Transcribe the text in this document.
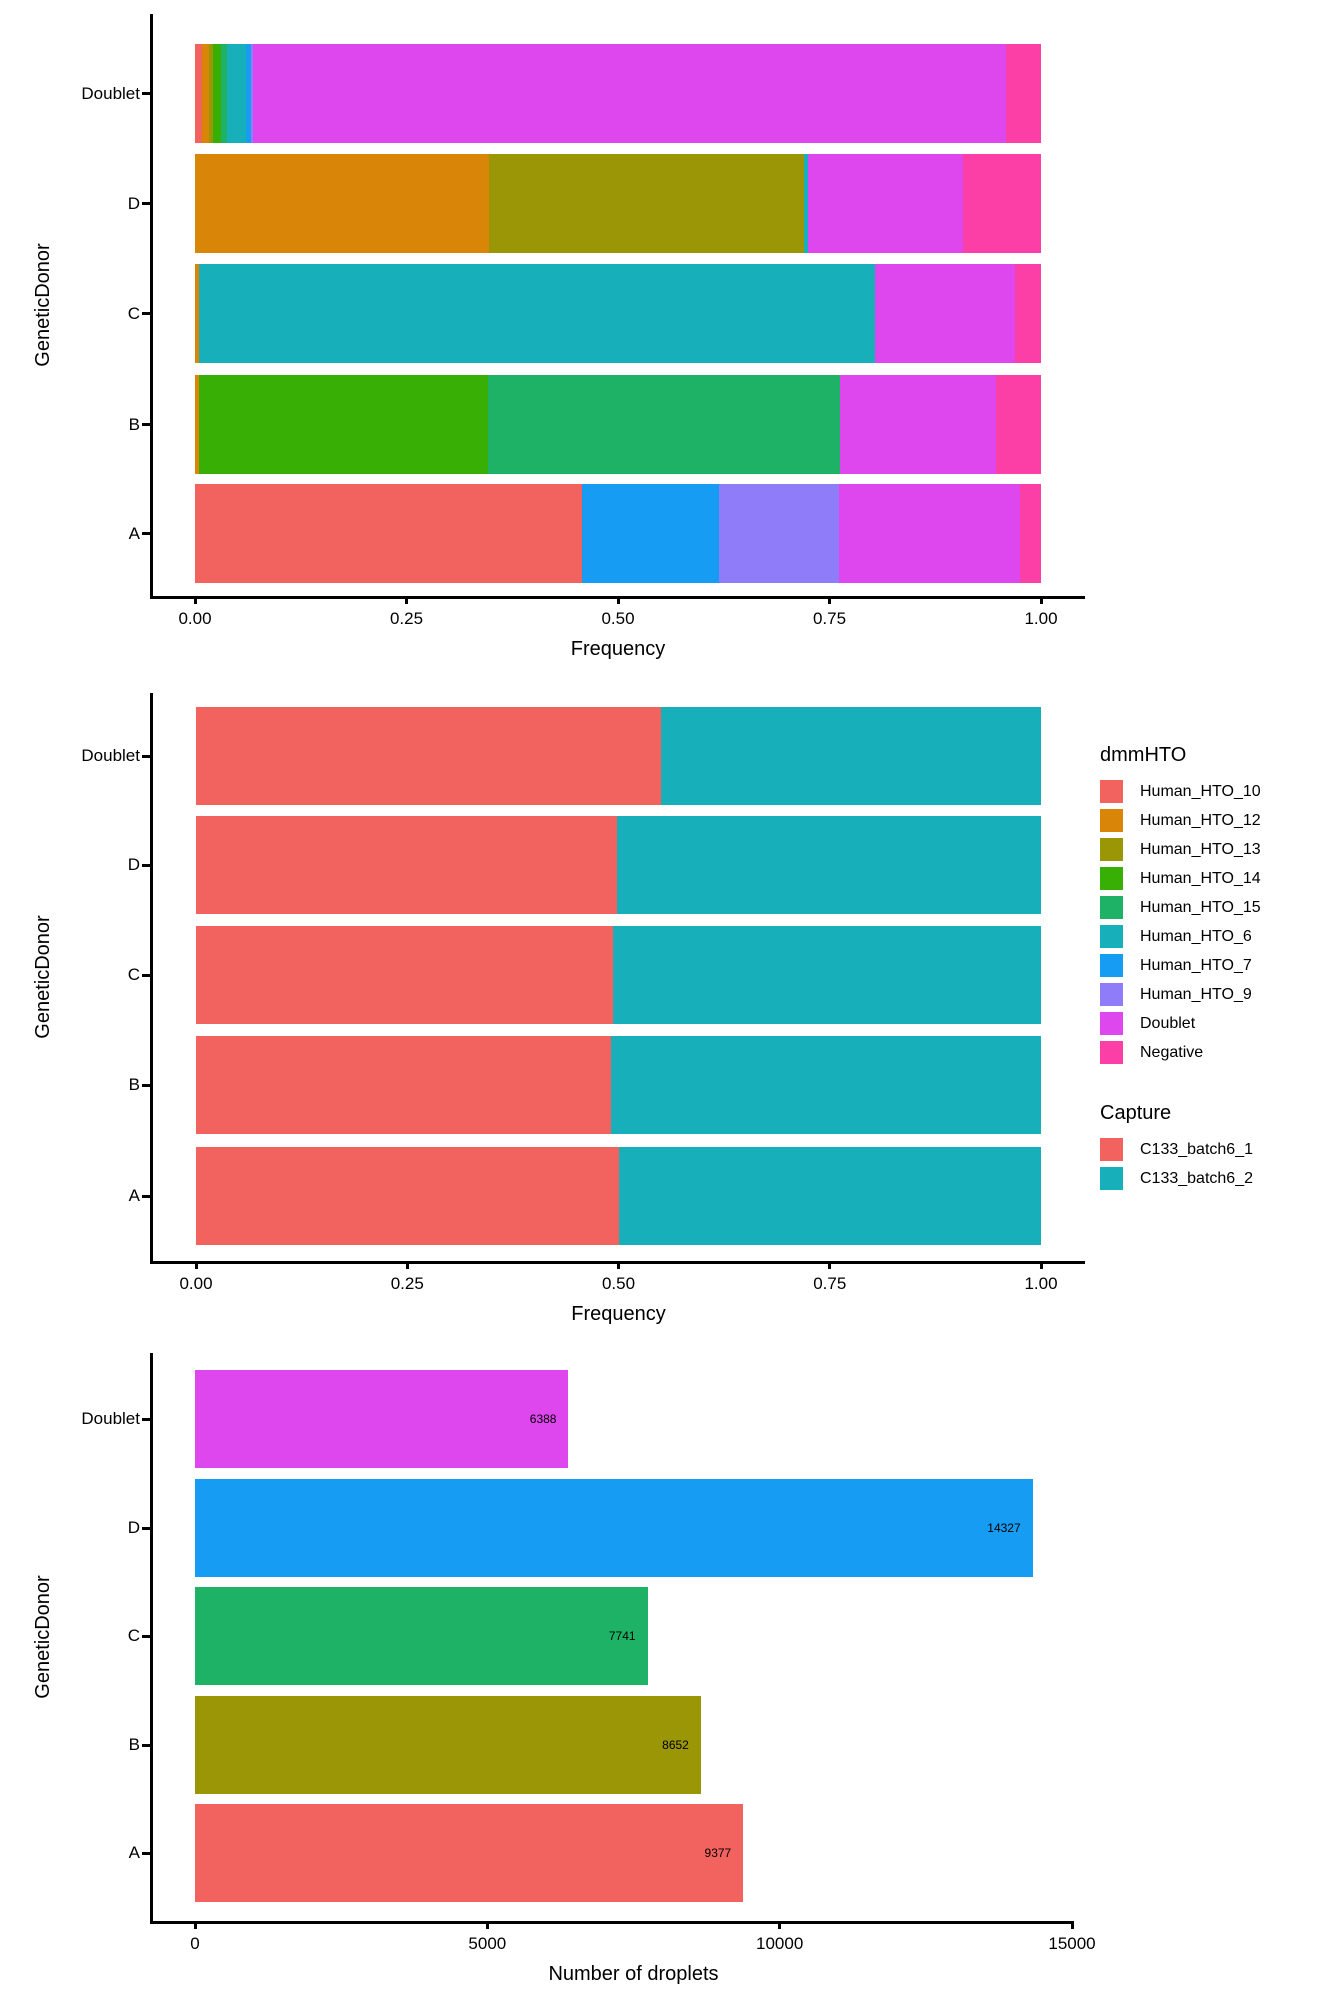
Doublet
D
C
B
A
0.00	0.25	0.50	0.75	1.00
Frequency
GeneticDonor
Doublet
D
C
B
A
0.00	0.25	0.50	0.75	1.00
Frequency
GeneticDonor
Doublet	6388
D	14327
C	7741
B	8652
A	9377
0	5000	10000	15000
Number of droplets
GeneticDonor
dmmHTO
Human_HTO_10
Human_HTO_12
Human_HTO_13
Human_HTO_14
Human_HTO_15
Human_HTO_6
Human_HTO_7
Human_HTO_9
Doublet
Negative
Capture
C133_batch6_1
C133_batch6_2
